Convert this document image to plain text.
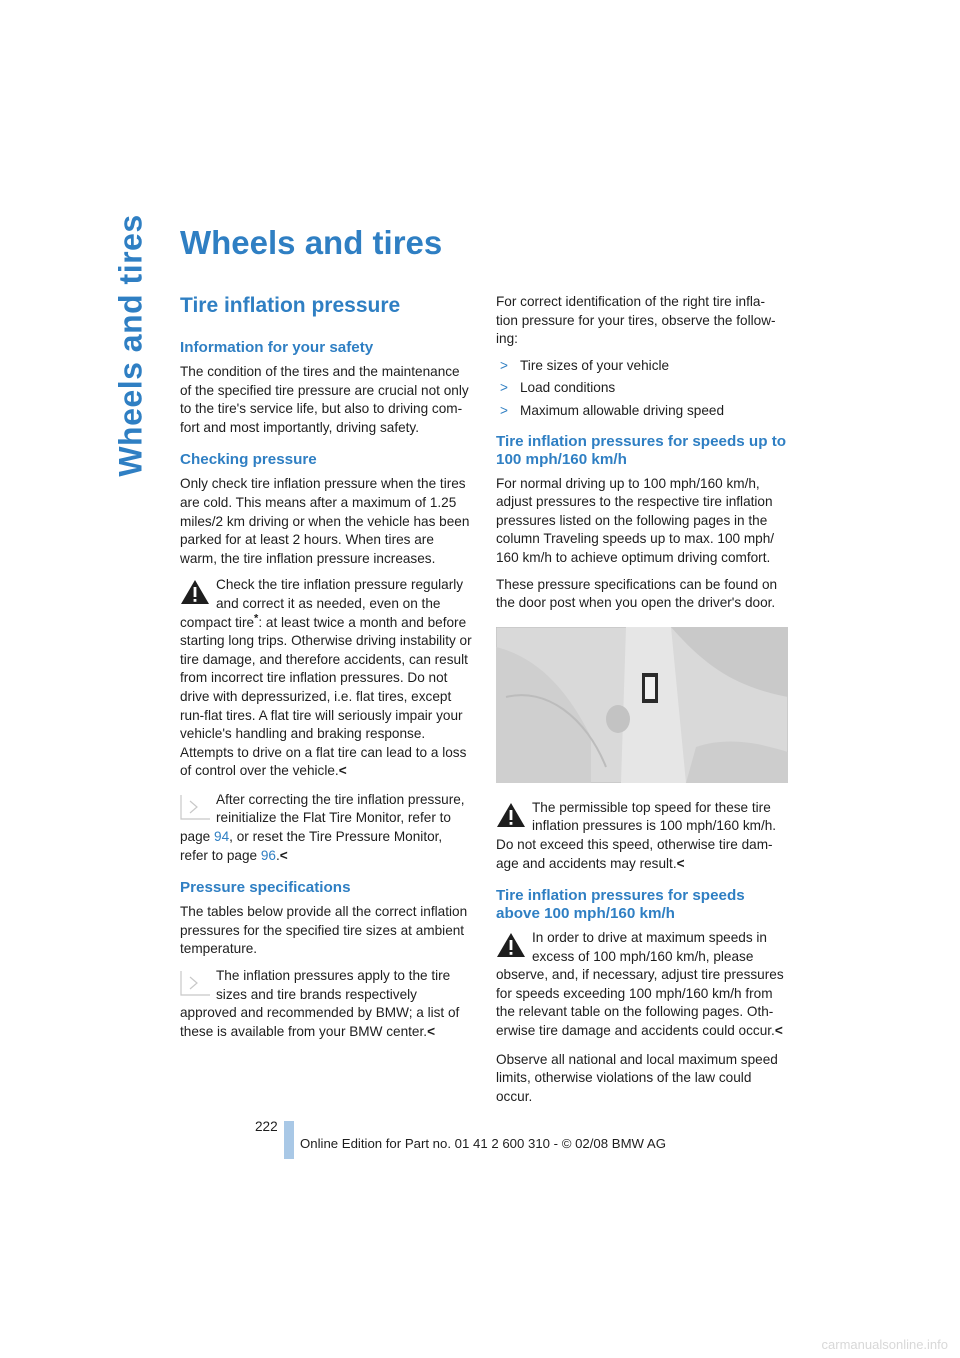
Wheels and tires Wheels and tires
Tire inflation pressure
Information for your safety

The condition of the tires and the maintenance of the specified tire pressure are crucial not only to the tire's service life, but also to driving com- fort and most importantly, driving safety.

Checking pressure

Only check tire inflation pressure when the tires are cold. This means after a maximum of 1.25 miles/2 km driving or when the vehicle has been parked for at least 2 hours. When tires are warm, the tire inflation pressure increases.

Check the tire inflation pressure regularly and correct it as needed, even on the compact tire*: at least twice a month and before starting long trips. Otherwise driving instability or tire damage, and therefore accidents, can result from incorrect tire inflation pressures. Do not drive with depressurized, i.e. flat tires, except run-flat tires. A flat tire will seriously impair your vehicle's handling and braking response. Attempts to drive on a flat tire can lead to a loss of control over the vehicle.<
After correcting the tire inflation pressure, reinitialize the Flat Tire Monitor, refer to page 94, or reset the Tire Pressure Monitor, refer to page 96.<
Pressure specifications

The tables below provide all the correct inflation pressures for the specified tire sizes at ambient temperature.

The inflation pressures apply to the tire sizes and tire brands respectively approved and recommended by BMW; a list of these is available from your BMW center.<

For correct identification of the right tire infla- tion pressure for your tires, observe the follow- ing:

> Tire sizes of your vehicle
> Load conditions
> Maximum allowable driving speed
Tire inflation pressures for speeds up to 100 mph/160 km/h

For normal driving up to 100 mph/160 km/h, adjust pressures to the respective tire inflation pressures listed on the following pages in the column Traveling speeds up to max. 100 mph/ 160 km/h to achieve optimum driving comfort.

These pressure specifications can be found on the door post when you open the driver's door.

The permissible top speed for these tire inflation pressures is 100 mph/160 km/h. Do not exceed this speed, otherwise tire dam- age and accidents may result.<
Tire inflation pressures for speeds above 100 mph/160 km/h
In order to drive at maximum speeds in excess of 100 mph/160 km/h, please observe, and, if necessary, adjust tire pressures for speeds exceeding 100 mph/160 km/h from the relevant table on the following pages. Oth- erwise tire damage and accidents could occur.<

Observe all national and local maximum speed limits, otherwise violations of the law could occur.

222
Online Edition for Part no. 01 41 2 600 310 - © 02/08 BMW AG
carmanualsonline.info
